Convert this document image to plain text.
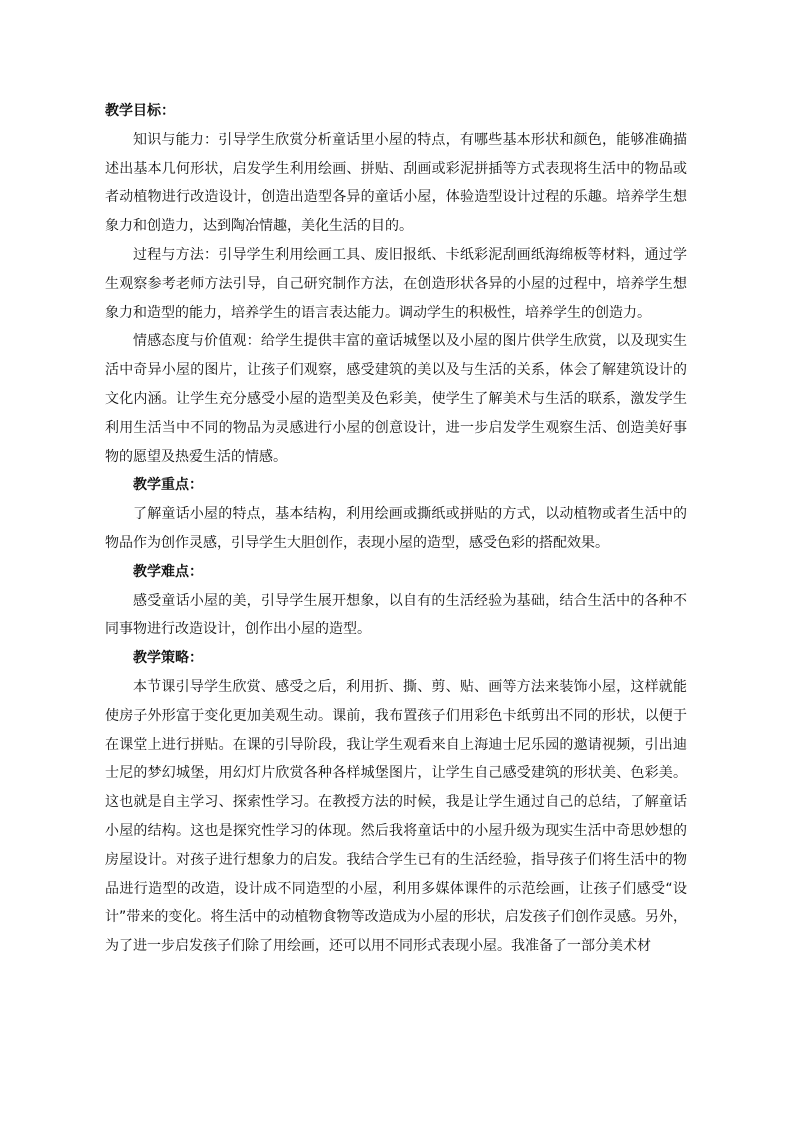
教学目标：

知识与能力：引导学生欣赏分析童话里小屋的特点，有哪些基本形状和颜色，能够准确描述出基本几何形状，启发学生利用绘画、拼贴、刮画或彩泥拼插等方式表现将生活中的物品或者动植物进行改造设计，创造出造型各异的童话小屋，体验造型设计过程的乐趣。培养学生想象力和创造力，达到陶冶情趣，美化生活的目的。

过程与方法：引导学生利用绘画工具、废旧报纸、卡纸彩泥刮画纸海绵板等材料，通过学生观察参考老师方法引导，自己研究制作方法，在创造形状各异的小屋的过程中，培养学生想象力和造型的能力，培养学生的语言表达能力。调动学生的积极性，培养学生的创造力。

情感态度与价值观：给学生提供丰富的童话城堡以及小屋的图片供学生欣赏，以及现实生活中奇异小屋的图片，让孩子们观察，感受建筑的美以及与生活的关系，体会了解建筑设计的文化内涵。让学生充分感受小屋的造型美及色彩美，使学生了解美术与生活的联系，激发学生利用生活当中不同的物品为灵感进行小屋的创意设计，进一步启发学生观察生活、创造美好事物的愿望及热爱生活的情感。

教学重点：

了解童话小屋的特点，基本结构，利用绘画或撕纸或拼贴的方式，以动植物或者生活中的物品作为创作灵感，引导学生大胆创作，表现小屋的造型，感受色彩的搭配效果。

教学难点：

感受童话小屋的美，引导学生展开想象，以自有的生活经验为基础，结合生活中的各种不同事物进行改造设计，创作出小屋的造型。

教学策略：

本节课引导学生欣赏、感受之后，利用折、撕、剪、贴、画等方法来装饰小屋，这样就能使房子外形富于变化更加美观生动。课前，我布置孩子们用彩色卡纸剪出不同的形状，以便于在课堂上进行拼贴。在课的引导阶段，我让学生观看来自上海迪士尼乐园的邀请视频，引出迪士尼的梦幻城堡，用幻灯片欣赏各种各样城堡图片，让学生自己感受建筑的形状美、色彩美。这也就是自主学习、探索性学习。在教授方法的时候，我是让学生通过自己的总结，了解童话小屋的结构。这也是探究性学习的体现。然后我将童话中的小屋升级为现实生活中奇思妙想的房屋设计。对孩子进行想象力的启发。我结合学生已有的生活经验，指导孩子们将生活中的物品进行造型的改造，设计成不同造型的小屋，利用多媒体课件的示范绘画，让孩子们感受“设计”带来的变化。将生活中的动植物食物等改造成为小屋的形状，启发孩子们创作灵感。另外，为了进一步启发孩子们除了用绘画，还可以用不同形式表现小屋。我准备了一部分美术材
